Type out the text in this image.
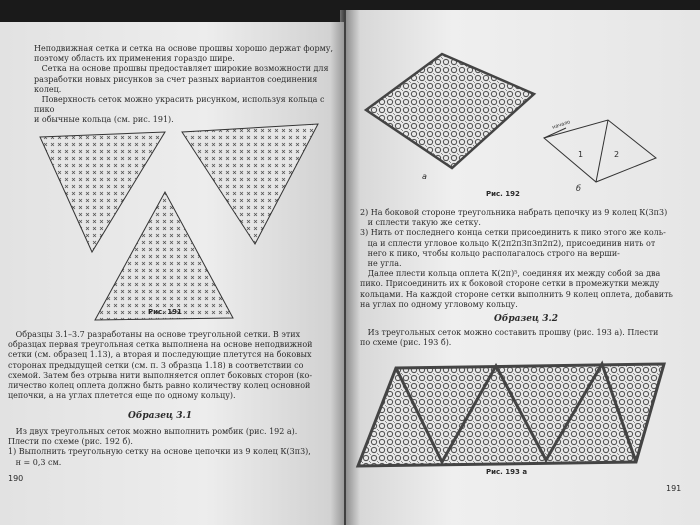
Неподвижная сетка и сетка на основе прошвы хорошо держат форму,
поэтому область их применения гораздо шире.
Сетка на основе прошвы предоставляет широкие возможности для
разработки новых рисунков за счет разных вариантов соединения колец.
Поверхность сеток можно украсить рисунком, используя кольца с пико
и обычные кольца (см. рис. 191).
Рис. 191
Образцы 3.1–3.7 разработаны на основе треугольной сетки. В этих
образцах первая треугольная сетка выполнена на основе неподвижной
сетки (см. образец 1.13), а вторая и последующие плетутся на боковых
сторонах предыдущей сетки (см. п. 3 образца 1.18) в соответствии со
схемой. Затем без отрыва нити выполняется оплет боковых сторон (ко-
личество колец оплета должно быть равно количеству колец основной
цепочки, а на углах плетется еще по одному кольцу).
Образец 3.1
Из двух треугольных сеток можно выполнить ромбик (рис. 192 а).
Плести по схеме (рис. 192 б).
1) Выполнить треугольную сетку на основе цепочки из 9 колец К(3п3),
н = 0,3 см.
190
а
б
1	2
начало
Рис. 192
2) На боковой стороне треугольника набрать цепочку из 9 колец К(3п3)
и сплести такую же сетку.
3) Нить от последнего конца сетки присоединить к пико этого же коль-
ца и сплести угловое кольцо К(2п2п3п3п2п2), присоединив нить от
него к пико, чтобы кольцо располагалось строго на верши-
не угла.
Далее плести кольца оплета К(2п)⁵, соединяя их между собой за два
пико. Присоединить их к боковой стороне сетки в промежутки между
кольцами. На каждой стороне сетки выполнить 9 колец оплета, добавить
на углах по одному угловому кольцу.
Образец 3.2
Из треугольных сеток можно составить прошву (рис. 193 а). Плести
по схеме (рис. 193 б).
Рис. 193 а
191
